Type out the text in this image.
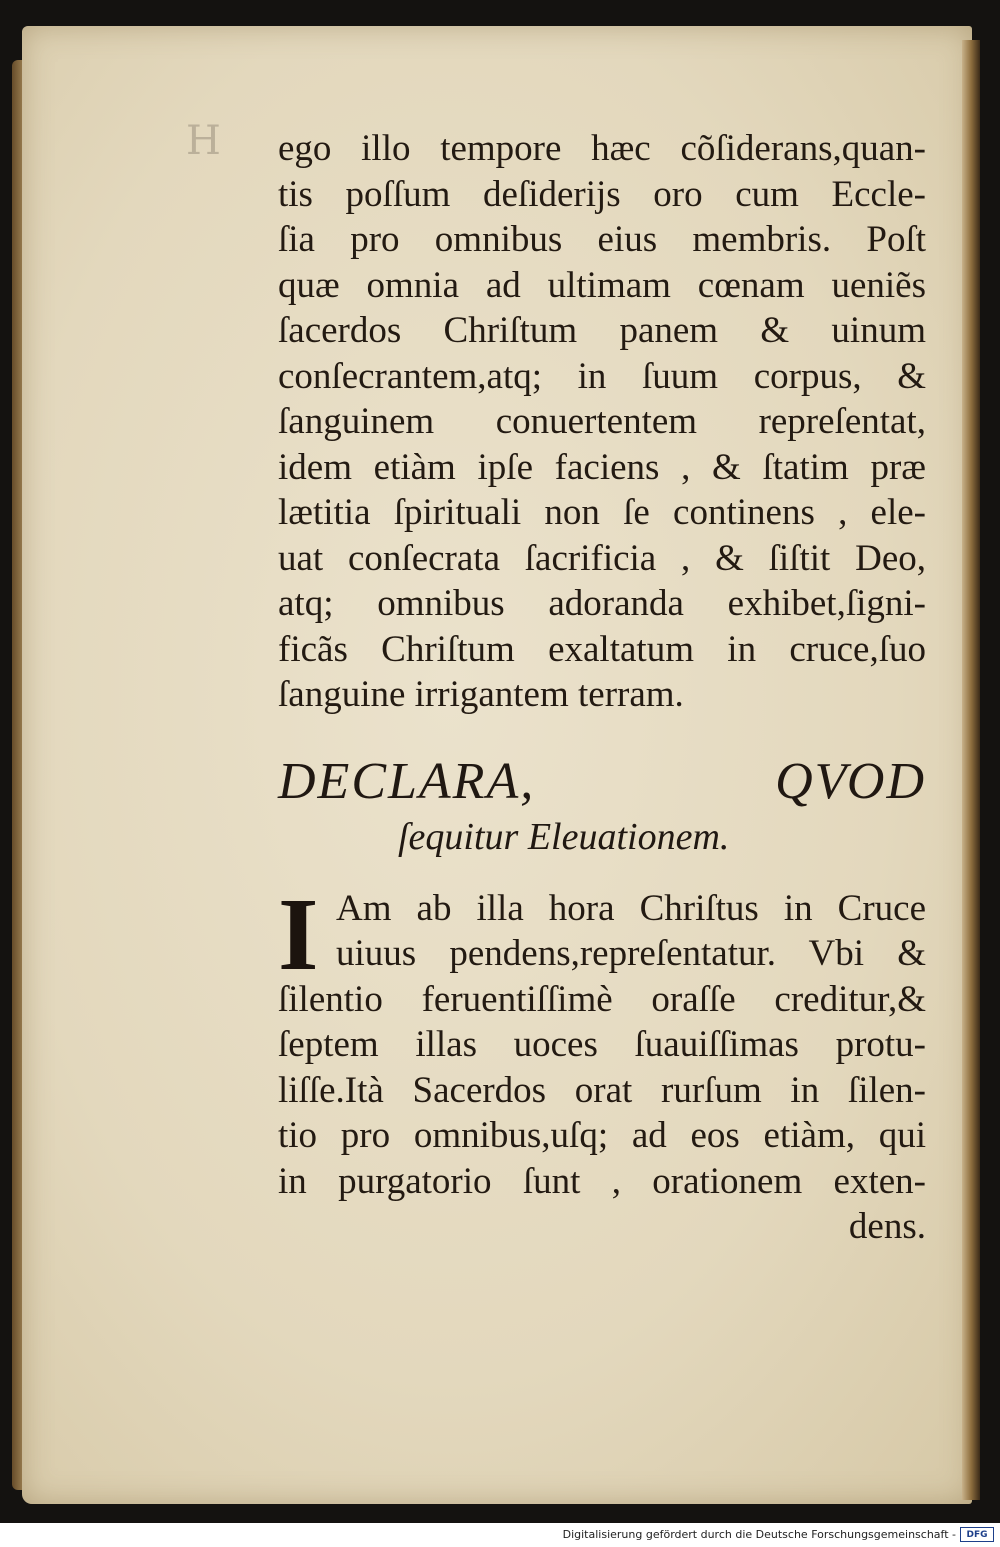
H ego illo tempore hæc cõſiderans,quan-
tis poſſum deſiderijs oro cum Eccle-
ſia pro omnibus eius membris. Poſt
quæ omnia ad ultimam cœnam ueniẽs
ſacerdos Chriſtum panem & uinum
conſecrantem,atq; in ſuum corpus, &
ſanguinem conuertentem repreſentat,
idem etiàm ipſe faciens , & ſtatim præ
lætitia ſpirituali non ſe continens , ele-
uat conſecrata ſacrificia , & ſiſtit Deo,
atq; omnibus adoranda exhibet,ſigni-
ficãs Chriſtum exaltatum in cruce,ſuo
ſanguine irrigantem terram.
DECLARA, QVOD
ſequitur Eleuationem.
I Am ab illa hora Chriſtus in Cruce
uiuus pendens,repreſentatur. Vbi &
ſilentio feruentiſſimè oraſſe creditur,&
ſeptem illas uoces ſuauiſſimas protu-
liſſe.Ità Sacerdos orat rurſum in ſilen-
tio pro omnibus,uſq; ad eos etiàm, qui
in purgatorio ſunt , orationem exten-
dens.
Digitalisierung gefördert durch die Deutsche Forschungsgemeinschaft -	DFG
